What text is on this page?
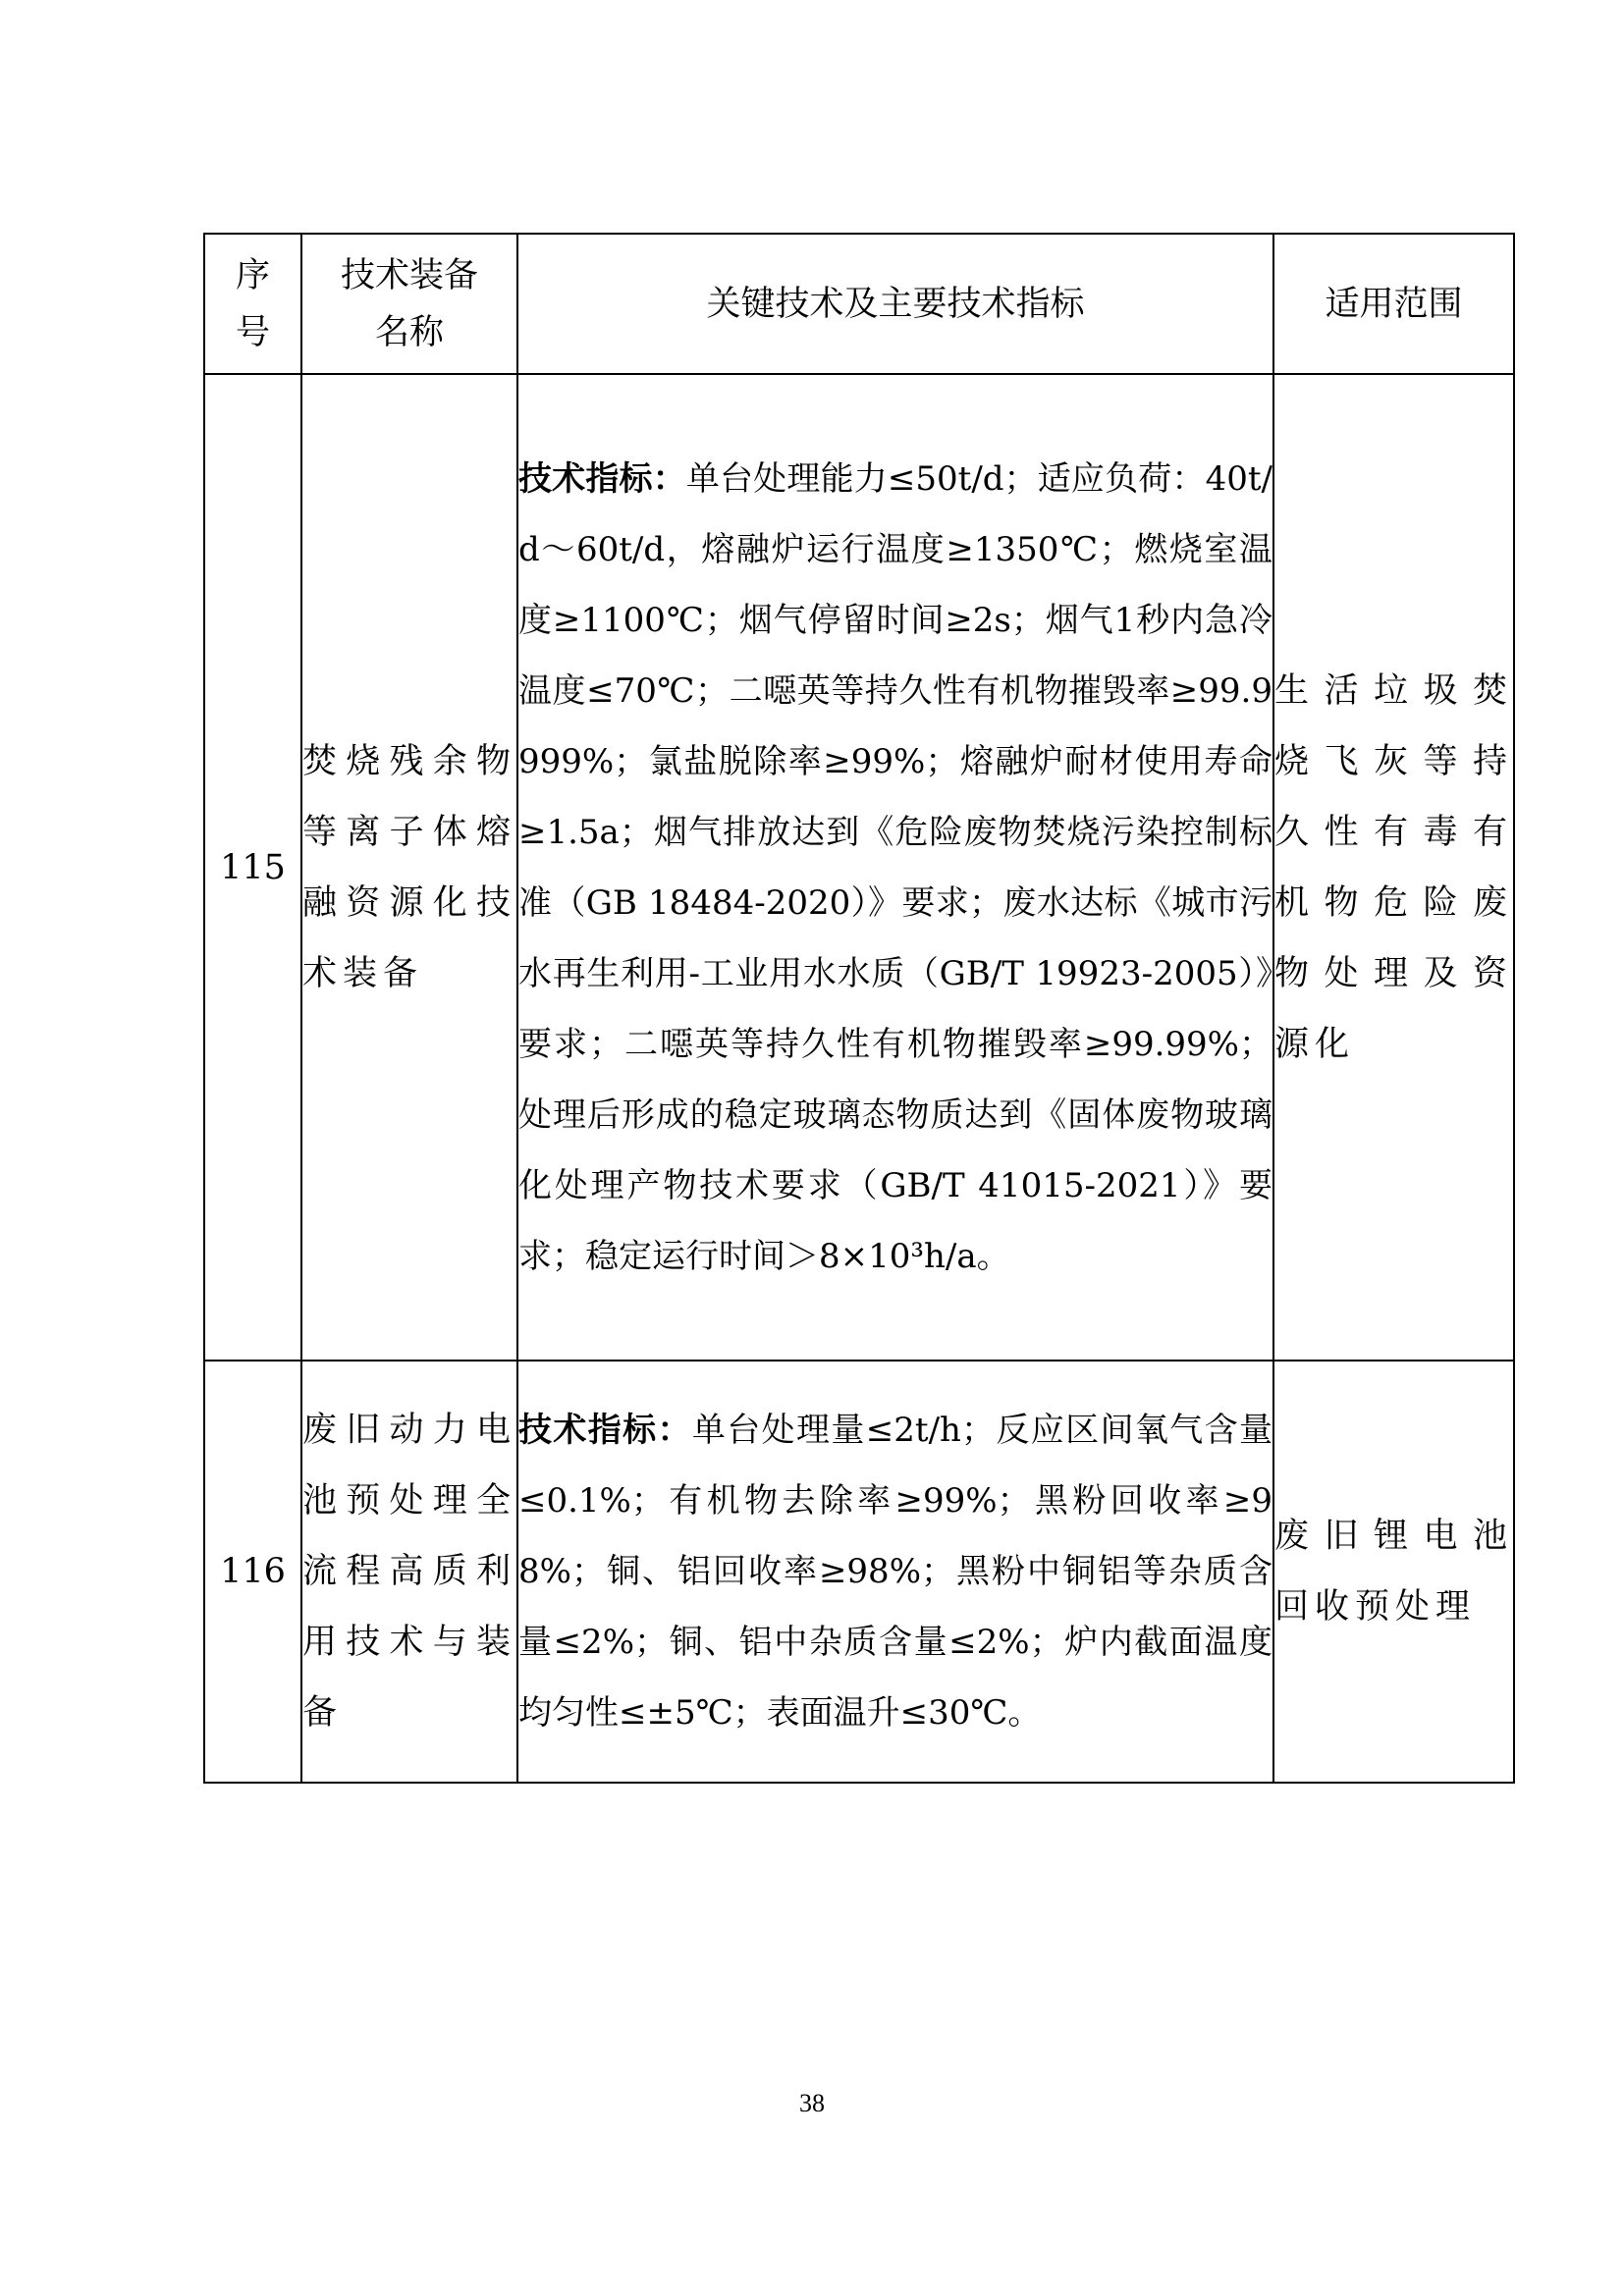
序号	技术装备名称	关键技术及主要技术指标	适用范围
115	焚烧残余物等离子体熔融资源化技术装备	技术指标：单台处理能力≤50t/d；适应负荷：40t/d～60t/d，熔融炉运行温度≥1350℃；燃烧室温度≥1100℃；烟气停留时间≥2s；烟气1秒内急冷温度≤70℃；二噁英等持久性有机物摧毁率≥99.9999%；氯盐脱除率≥99%；熔融炉耐材使用寿命≥1.5a；烟气排放达到《危险废物焚烧污染控制标准（GB 18484-2020）》要求；废水达标《城市污水再生利用-工业用水水质（GB/T 19923-2005）》要求；二噁英等持久性有机物摧毁率≥99.99%；处理后形成的稳定玻璃态物质达到《固体废物玻璃化处理产物技术要求（GB/T 41015-2021）》要求；稳定运行时间＞8×10³h/a。	生活垃圾焚烧飞灰等持久性有毒有机物危险废物处理及资源化
116	废旧动力电池预处理全流程高质利用技术与装备	技术指标：单台处理量≤2t/h；反应区间氧气含量≤0.1%；有机物去除率≥99%；黑粉回收率≥98%；铜、铝回收率≥98%；黑粉中铜铝等杂质含量≤2%；铜、铝中杂质含量≤2%；炉内截面温度均匀性≤±5℃；表面温升≤30℃。	废旧锂电池回收预处理
38
